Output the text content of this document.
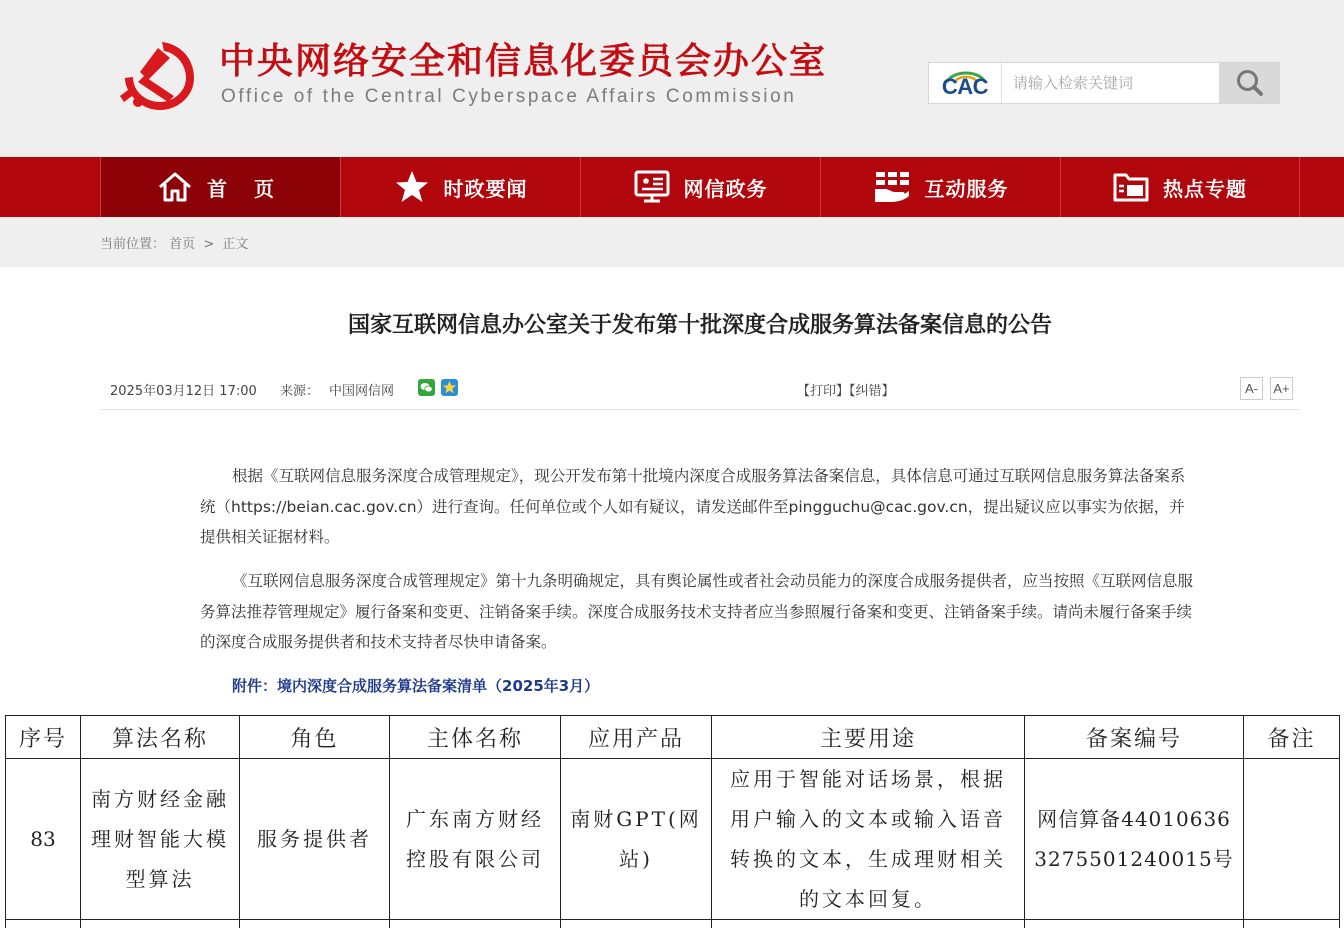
中央网络安全和信息化委员会办公室
Office of the Central Cyberspace Affairs Commission	CAC
请输入检索关键词
首 页	时政要闻	网信政务	互动服务	热点专题
当前位置： 首页 > 正文
国家互联网信息办公室关于发布第十批深度合成服务算法备案信息的公告
2025年03月12日 17:00 来源： 中国网信网	【打印】【纠错】	A-	A+

根据《互联网信息服务深度合成管理规定》，现公开发布第十批境内深度合成服务算法备案信息，具体信息可通过互联网信息服务算法备案系统（https://beian.cac.gov.cn）进行查询。任何单位或个人如有疑议，请发送邮件至pingguchu@cac.gov.cn，提出疑议应以事实为依据，并提供相关证据材料。

《互联网信息服务深度合成管理规定》第十九条明确规定，具有舆论属性或者社会动员能力的深度合成服务提供者，应当按照《互联网信息服务算法推荐管理规定》履行备案和变更、注销备案手续。深度合成服务技术支持者应当参照履行备案和变更、注销备案手续。请尚未履行备案手续的深度合成服务提供者和技术支持者尽快申请备案。

附件：境内深度合成服务算法备案清单（2025年3月）
序号	算法名称	角色	主体名称	应用产品	主要用途	备案编号	备注
83	南方财经金融理财智能大模型算法	服务提供者	广东南方财经控股有限公司	南财GPT(网站)	应用于智能对话场景，根据用户输入的文本或输入语音转换的文本，生成理财相关的文本回复。	网信算备440106363275501240015号	
